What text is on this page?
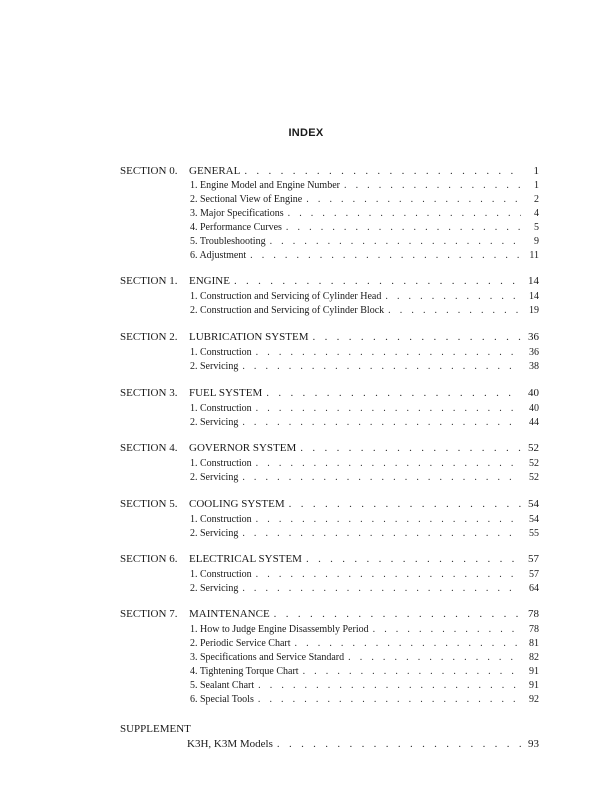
INDEX
SECTION 0. GENERAL . . .	1
1. Engine Model and Engine Number . . .	1
2. Sectional View of Engine . . .	2
3. Major Specifications . . .	4
4. Performance Curves . . .	5
5. Troubleshooting . . .	9
6. Adjustment . . .	11
SECTION 1. ENGINE . . .	14
1. Construction and Servicing of Cylinder Head . . .	14
2. Construction and Servicing of Cylinder Block . . .	19
SECTION 2. LUBRICATION SYSTEM . . .	36
1. Construction . . .	36
2. Servicing . . .	38
SECTION 3. FUEL SYSTEM . . .	40
1. Construction . . .	40
2. Servicing . . .	44
SECTION 4. GOVERNOR SYSTEM . . .	52
1. Construction . . .	52
2. Servicing . . .	52
SECTION 5. COOLING SYSTEM . . .	54
1. Construction . . .	54
2. Servicing . . .	55
SECTION 6. ELECTRICAL SYSTEM . . .	57
1. Construction . . .	57
2. Servicing . . .	64
SECTION 7. MAINTENANCE . . .	78
1. How to Judge Engine Disassembly Period . . .	78
2. Periodic Service Chart . . .	81
3. Specifications and Service Standard . . .	82
4. Tightening Torque Chart . . .	91
5. Sealant Chart . . .	91
6. Special Tools . . .	92
SUPPLEMENT
K3H, K3M Models . . .	93
